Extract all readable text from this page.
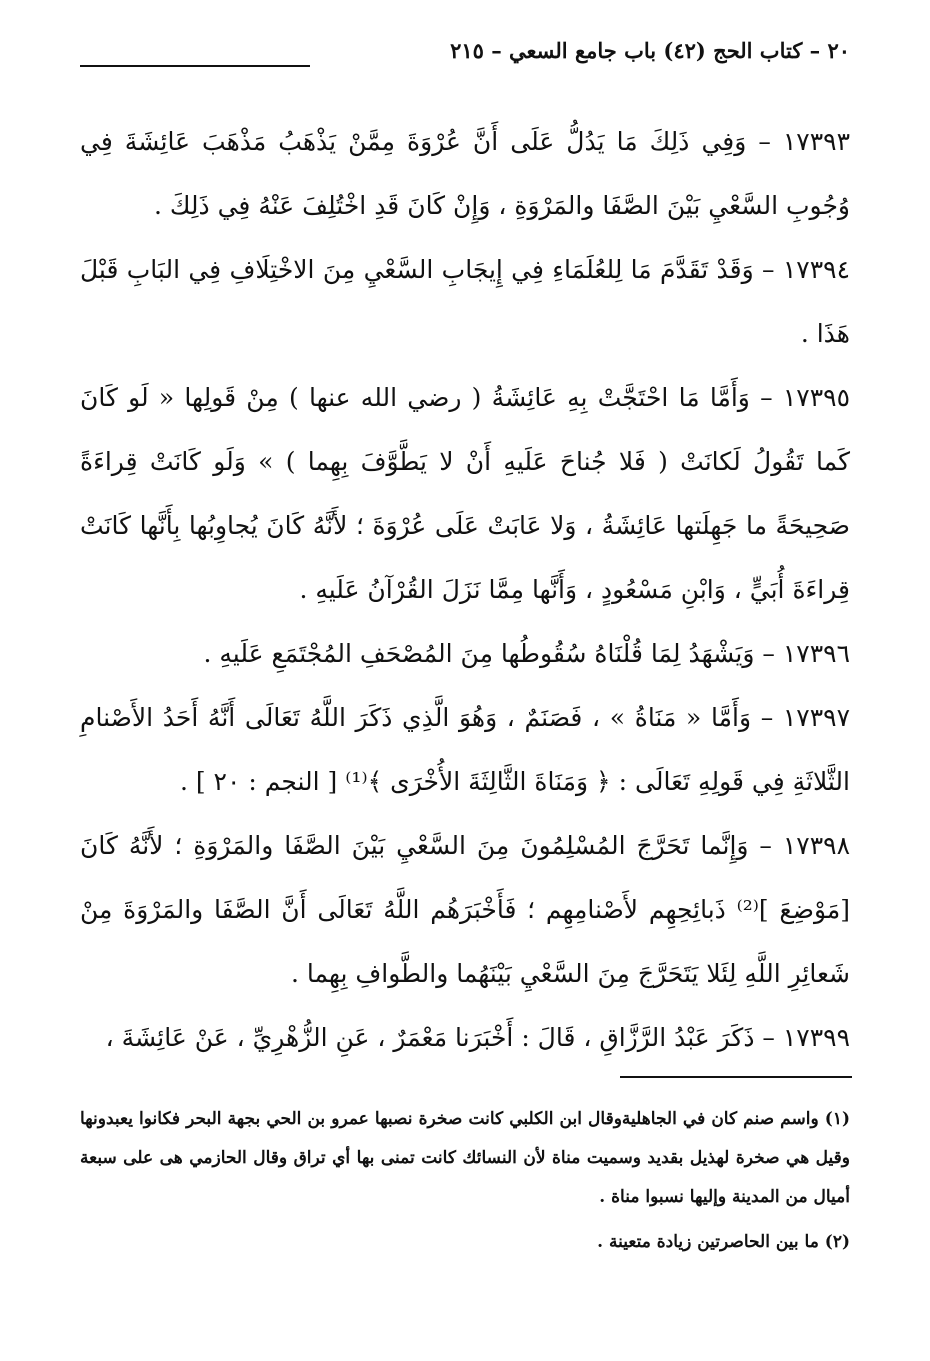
٢٠ – كتاب الحج (٤٢) باب جامع السعي – ٢١٥

١٧٣٩٣ – وَفِي ذَلِكَ مَا يَدُلُّ عَلَى أَنَّ عُرْوَةَ مِمَّنْ يَذْهَبُ مَذْهَبَ عَائِشَةَ فِي وُجُوبِ السَّعْيِ بَيْنَ الصَّفَا والمَرْوَةِ ، وَإِنْ كَانَ قَدِ اخْتُلِفَ عَنْهُ فِي ذَلِكَ .

١٧٣٩٤ – وَقَدْ تَقَدَّمَ مَا لِلعُلَمَاءِ فِي إِيجَابِ السَّعْيِ مِنَ الاخْتِلَافِ فِي البَابِ قَبْلَ هَذَا .

١٧٣٩٥ – وَأَمَّا مَا احْتَجَّتْ بِهِ عَائِشَةُ ( رضي الله عنها ) مِنْ قَولِها « لَو كَانَ كَما تَقُولُ لَكانَتْ ( فَلا جُناحَ عَلَيهِ أَنْ لا يَطَّوَّفَ بِهِما ) » وَلَو كَانَتْ قِراءَةً صَحِيحَةً ما جَهِلَتها عَائِشَةُ ، وَلا عَابَتْ عَلَى عُرْوَةَ ؛ لأَنَّهُ كَانَ يُجاوِبُها بِأَنَّها كَانَتْ قِراءَةَ أُبَيٍّ ، وَابْنِ مَسْعُودٍ ، وَأَنَّها مِمَّا نَزَلَ القُرْآنُ عَلَيهِ .

١٧٣٩٦ – وَيَشْهَدُ لِمَا قُلْنَاهُ سُقُوطُها مِنَ المُصْحَفِ المُجْتَمَعِ عَلَيهِ .

١٧٣٩٧ – وَأَمَّا « مَنَاةُ » ، فَصَنَمٌ ، وَهُوَ الَّذِي ذَكَرَ اللَّهُ تَعَالَى أَنَّهُ أَحَدُ الأَصْنامِ الثَّلاثَةِ فِي قَولِهِ تَعَالَى : ﴿ وَمَنَاةَ الثَّالِثَةَ الأُخْرَى ﴾⁽¹⁾ [ النجم : ٢٠ ] .

١٧٣٩٨ – وَإِنَّما تَحَرَّجَ المُسْلِمُونَ مِنَ السَّعْيِ بَيْنَ الصَّفَا والمَرْوَةِ ؛ لأَنَّهُ كَانَ [مَوْضِعَ ]⁽²⁾ ذَبائِحِهِم لأَصْنامِهِم ؛ فَأَخْبَرَهُم اللَّهُ تَعَالَى أَنَّ الصَّفَا والمَرْوَةَ مِنْ شَعائِرِ اللَّهِ لِئَلا يَتَحَرَّجَ مِنَ السَّعْيِ بَيْنَهُما والطَّوافِ بِهِما .

١٧٣٩٩ – ذَكَرَ عَبْدُ الرَّزَّاقِ ، قَالَ : أَخْبَرَنا مَعْمَرٌ ، عَنِ الزُّهْرِيِّ ، عَنْ عَائِشَةَ ،

(١) واسم صنم كان في الجاهليةوقال ابن الكلبي كانت صخرة نصبها عمرو بن الحي بجهة البحر فكانوا يعبدونها وقيل هي صخرة لهذيل بقديد وسميت مناة لأن النسائك كانت تمنى بها أي تراق وقال الحازمي هى على سبعة أميال من المدينة وإليها نسبوا مناة .

(٢) ما بين الحاصرتين زيادة متعينة .
